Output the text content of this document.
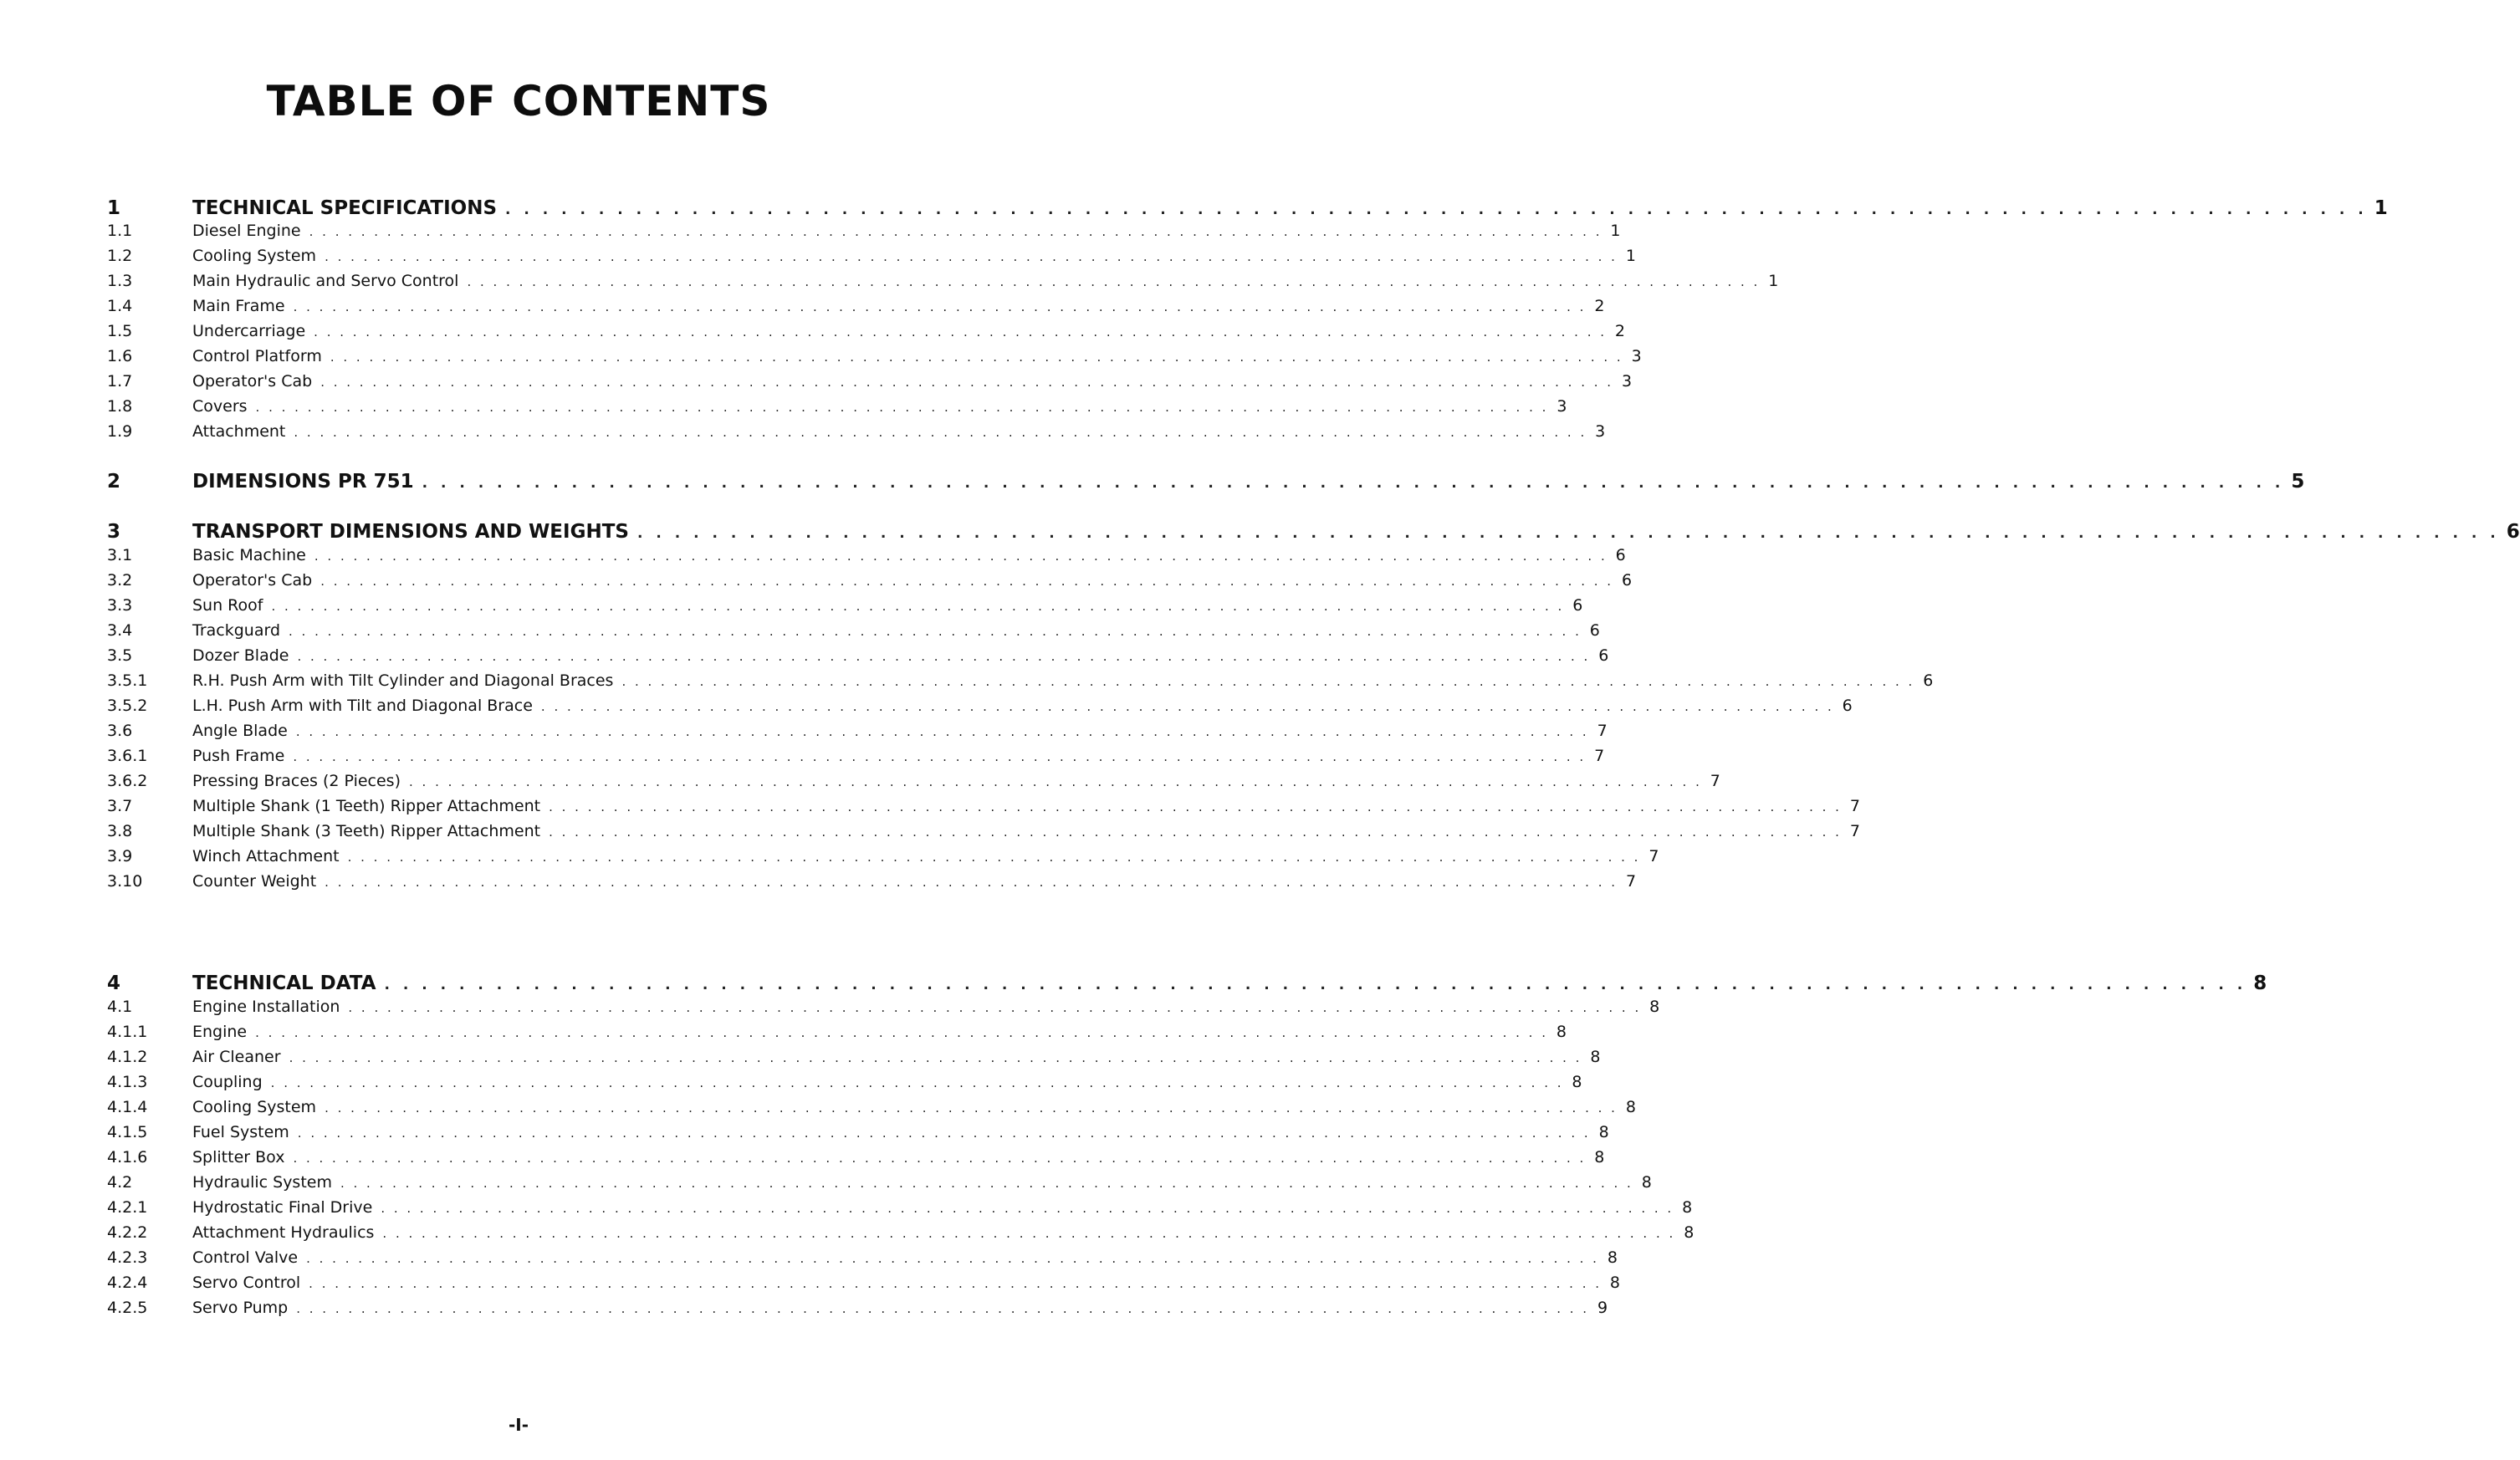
TABLE OF CONTENTS
1	TECHNICAL SPECIFICATIONS . . . . . . . . . . . . . . . . . . . . . . . . . . . . . . . . . . . . . . . . . . . . . . . . . . . . . . . . . . . . . . . . . . . . . . . . . . . . . . . . . . . . . . . . . . . . . . . . . . . . 1
1.1	Diesel Engine . . . . . . . . . . . . . . . . . . . . . . . . . . . . . . . . . . . . . . . . . . . . . . . . . . . . . . . . . . . . . . . . . . . . . . . . . . . . . . . . . . . . . . . . . . . . . . . . . . . . 1
1.2	Cooling System . . . . . . . . . . . . . . . . . . . . . . . . . . . . . . . . . . . . . . . . . . . . . . . . . . . . . . . . . . . . . . . . . . . . . . . . . . . . . . . . . . . . . . . . . . . . . . . . . . . . 1
1.3	Main Hydraulic and Servo Control . . . . . . . . . . . . . . . . . . . . . . . . . . . . . . . . . . . . . . . . . . . . . . . . . . . . . . . . . . . . . . . . . . . . . . . . . . . . . . . . . . . . . . . . . . . . . . . . . . . . 1
1.4	Main Frame . . . . . . . . . . . . . . . . . . . . . . . . . . . . . . . . . . . . . . . . . . . . . . . . . . . . . . . . . . . . . . . . . . . . . . . . . . . . . . . . . . . . . . . . . . . . . . . . . . . . 2
1.5	Undercarriage . . . . . . . . . . . . . . . . . . . . . . . . . . . . . . . . . . . . . . . . . . . . . . . . . . . . . . . . . . . . . . . . . . . . . . . . . . . . . . . . . . . . . . . . . . . . . . . . . . . . 2
1.6	Control Platform . . . . . . . . . . . . . . . . . . . . . . . . . . . . . . . . . . . . . . . . . . . . . . . . . . . . . . . . . . . . . . . . . . . . . . . . . . . . . . . . . . . . . . . . . . . . . . . . . . . . 3
1.7	Operator's Cab . . . . . . . . . . . . . . . . . . . . . . . . . . . . . . . . . . . . . . . . . . . . . . . . . . . . . . . . . . . . . . . . . . . . . . . . . . . . . . . . . . . . . . . . . . . . . . . . . . . . 3
1.8	Covers . . . . . . . . . . . . . . . . . . . . . . . . . . . . . . . . . . . . . . . . . . . . . . . . . . . . . . . . . . . . . . . . . . . . . . . . . . . . . . . . . . . . . . . . . . . . . . . . . . . . 3
1.9	Attachment . . . . . . . . . . . . . . . . . . . . . . . . . . . . . . . . . . . . . . . . . . . . . . . . . . . . . . . . . . . . . . . . . . . . . . . . . . . . . . . . . . . . . . . . . . . . . . . . . . . . 3
2	DIMENSIONS PR 751 . . . . . . . . . . . . . . . . . . . . . . . . . . . . . . . . . . . . . . . . . . . . . . . . . . . . . . . . . . . . . . . . . . . . . . . . . . . . . . . . . . . . . . . . . . . . . . . . . . . . 5
3	TRANSPORT DIMENSIONS AND WEIGHTS . . . . . . . . . . . . . . . . . . . . . . . . . . . . . . . . . . . . . . . . . . . . . . . . . . . . . . . . . . . . . . . . . . . . . . . . . . . . . . . . . . . . . . . . . . . . . . . . . . . . 6
3.1	Basic Machine . . . . . . . . . . . . . . . . . . . . . . . . . . . . . . . . . . . . . . . . . . . . . . . . . . . . . . . . . . . . . . . . . . . . . . . . . . . . . . . . . . . . . . . . . . . . . . . . . . . . 6
3.2	Operator's Cab . . . . . . . . . . . . . . . . . . . . . . . . . . . . . . . . . . . . . . . . . . . . . . . . . . . . . . . . . . . . . . . . . . . . . . . . . . . . . . . . . . . . . . . . . . . . . . . . . . . . 6
3.3	Sun Roof . . . . . . . . . . . . . . . . . . . . . . . . . . . . . . . . . . . . . . . . . . . . . . . . . . . . . . . . . . . . . . . . . . . . . . . . . . . . . . . . . . . . . . . . . . . . . . . . . . . . 6
3.4	Trackguard . . . . . . . . . . . . . . . . . . . . . . . . . . . . . . . . . . . . . . . . . . . . . . . . . . . . . . . . . . . . . . . . . . . . . . . . . . . . . . . . . . . . . . . . . . . . . . . . . . . . 6
3.5	Dozer Blade . . . . . . . . . . . . . . . . . . . . . . . . . . . . . . . . . . . . . . . . . . . . . . . . . . . . . . . . . . . . . . . . . . . . . . . . . . . . . . . . . . . . . . . . . . . . . . . . . . . . 6
3.5.1	R.H. Push Arm with Tilt Cylinder and Diagonal Braces . . . . . . . . . . . . . . . . . . . . . . . . . . . . . . . . . . . . . . . . . . . . . . . . . . . . . . . . . . . . . . . . . . . . . . . . . . . . . . . . . . . . . . . . . . . . . . . . . . . . 6
3.5.2	L.H. Push Arm with Tilt and Diagonal Brace . . . . . . . . . . . . . . . . . . . . . . . . . . . . . . . . . . . . . . . . . . . . . . . . . . . . . . . . . . . . . . . . . . . . . . . . . . . . . . . . . . . . . . . . . . . . . . . . . . . . 6
3.6	Angle Blade . . . . . . . . . . . . . . . . . . . . . . . . . . . . . . . . . . . . . . . . . . . . . . . . . . . . . . . . . . . . . . . . . . . . . . . . . . . . . . . . . . . . . . . . . . . . . . . . . . . . 7
3.6.1	Push Frame . . . . . . . . . . . . . . . . . . . . . . . . . . . . . . . . . . . . . . . . . . . . . . . . . . . . . . . . . . . . . . . . . . . . . . . . . . . . . . . . . . . . . . . . . . . . . . . . . . . . 7
3.6.2	Pressing Braces (2 Pieces) . . . . . . . . . . . . . . . . . . . . . . . . . . . . . . . . . . . . . . . . . . . . . . . . . . . . . . . . . . . . . . . . . . . . . . . . . . . . . . . . . . . . . . . . . . . . . . . . . . . . 7
3.7	Multiple Shank (1 Teeth) Ripper Attachment . . . . . . . . . . . . . . . . . . . . . . . . . . . . . . . . . . . . . . . . . . . . . . . . . . . . . . . . . . . . . . . . . . . . . . . . . . . . . . . . . . . . . . . . . . . . . . . . . . . . 7
3.8	Multiple Shank (3 Teeth) Ripper Attachment . . . . . . . . . . . . . . . . . . . . . . . . . . . . . . . . . . . . . . . . . . . . . . . . . . . . . . . . . . . . . . . . . . . . . . . . . . . . . . . . . . . . . . . . . . . . . . . . . . . . 7
3.9	Winch Attachment . . . . . . . . . . . . . . . . . . . . . . . . . . . . . . . . . . . . . . . . . . . . . . . . . . . . . . . . . . . . . . . . . . . . . . . . . . . . . . . . . . . . . . . . . . . . . . . . . . . . 7
3.10	Counter Weight . . . . . . . . . . . . . . . . . . . . . . . . . . . . . . . . . . . . . . . . . . . . . . . . . . . . . . . . . . . . . . . . . . . . . . . . . . . . . . . . . . . . . . . . . . . . . . . . . . . . 7
4	TECHNICAL DATA . . . . . . . . . . . . . . . . . . . . . . . . . . . . . . . . . . . . . . . . . . . . . . . . . . . . . . . . . . . . . . . . . . . . . . . . . . . . . . . . . . . . . . . . . . . . . . . . . . . . 8
4.1	Engine Installation . . . . . . . . . . . . . . . . . . . . . . . . . . . . . . . . . . . . . . . . . . . . . . . . . . . . . . . . . . . . . . . . . . . . . . . . . . . . . . . . . . . . . . . . . . . . . . . . . . . . 8
4.1.1	Engine . . . . . . . . . . . . . . . . . . . . . . . . . . . . . . . . . . . . . . . . . . . . . . . . . . . . . . . . . . . . . . . . . . . . . . . . . . . . . . . . . . . . . . . . . . . . . . . . . . . . 8
4.1.2	Air Cleaner . . . . . . . . . . . . . . . . . . . . . . . . . . . . . . . . . . . . . . . . . . . . . . . . . . . . . . . . . . . . . . . . . . . . . . . . . . . . . . . . . . . . . . . . . . . . . . . . . . . . 8
4.1.3	Coupling . . . . . . . . . . . . . . . . . . . . . . . . . . . . . . . . . . . . . . . . . . . . . . . . . . . . . . . . . . . . . . . . . . . . . . . . . . . . . . . . . . . . . . . . . . . . . . . . . . . . 8
4.1.4	Cooling System . . . . . . . . . . . . . . . . . . . . . . . . . . . . . . . . . . . . . . . . . . . . . . . . . . . . . . . . . . . . . . . . . . . . . . . . . . . . . . . . . . . . . . . . . . . . . . . . . . . . 8
4.1.5	Fuel System . . . . . . . . . . . . . . . . . . . . . . . . . . . . . . . . . . . . . . . . . . . . . . . . . . . . . . . . . . . . . . . . . . . . . . . . . . . . . . . . . . . . . . . . . . . . . . . . . . . . 8
4.1.6	Splitter Box . . . . . . . . . . . . . . . . . . . . . . . . . . . . . . . . . . . . . . . . . . . . . . . . . . . . . . . . . . . . . . . . . . . . . . . . . . . . . . . . . . . . . . . . . . . . . . . . . . . . 8
4.2	Hydraulic System . . . . . . . . . . . . . . . . . . . . . . . . . . . . . . . . . . . . . . . . . . . . . . . . . . . . . . . . . . . . . . . . . . . . . . . . . . . . . . . . . . . . . . . . . . . . . . . . . . . . 8
4.2.1	Hydrostatic Final Drive . . . . . . . . . . . . . . . . . . . . . . . . . . . . . . . . . . . . . . . . . . . . . . . . . . . . . . . . . . . . . . . . . . . . . . . . . . . . . . . . . . . . . . . . . . . . . . . . . . . . 8
4.2.2	Attachment Hydraulics . . . . . . . . . . . . . . . . . . . . . . . . . . . . . . . . . . . . . . . . . . . . . . . . . . . . . . . . . . . . . . . . . . . . . . . . . . . . . . . . . . . . . . . . . . . . . . . . . . . . 8
4.2.3	Control Valve . . . . . . . . . . . . . . . . . . . . . . . . . . . . . . . . . . . . . . . . . . . . . . . . . . . . . . . . . . . . . . . . . . . . . . . . . . . . . . . . . . . . . . . . . . . . . . . . . . . . 8
4.2.4	Servo Control . . . . . . . . . . . . . . . . . . . . . . . . . . . . . . . . . . . . . . . . . . . . . . . . . . . . . . . . . . . . . . . . . . . . . . . . . . . . . . . . . . . . . . . . . . . . . . . . . . . . 8
4.2.5	Servo Pump . . . . . . . . . . . . . . . . . . . . . . . . . . . . . . . . . . . . . . . . . . . . . . . . . . . . . . . . . . . . . . . . . . . . . . . . . . . . . . . . . . . . . . . . . . . . . . . . . . . . 9
-I-
